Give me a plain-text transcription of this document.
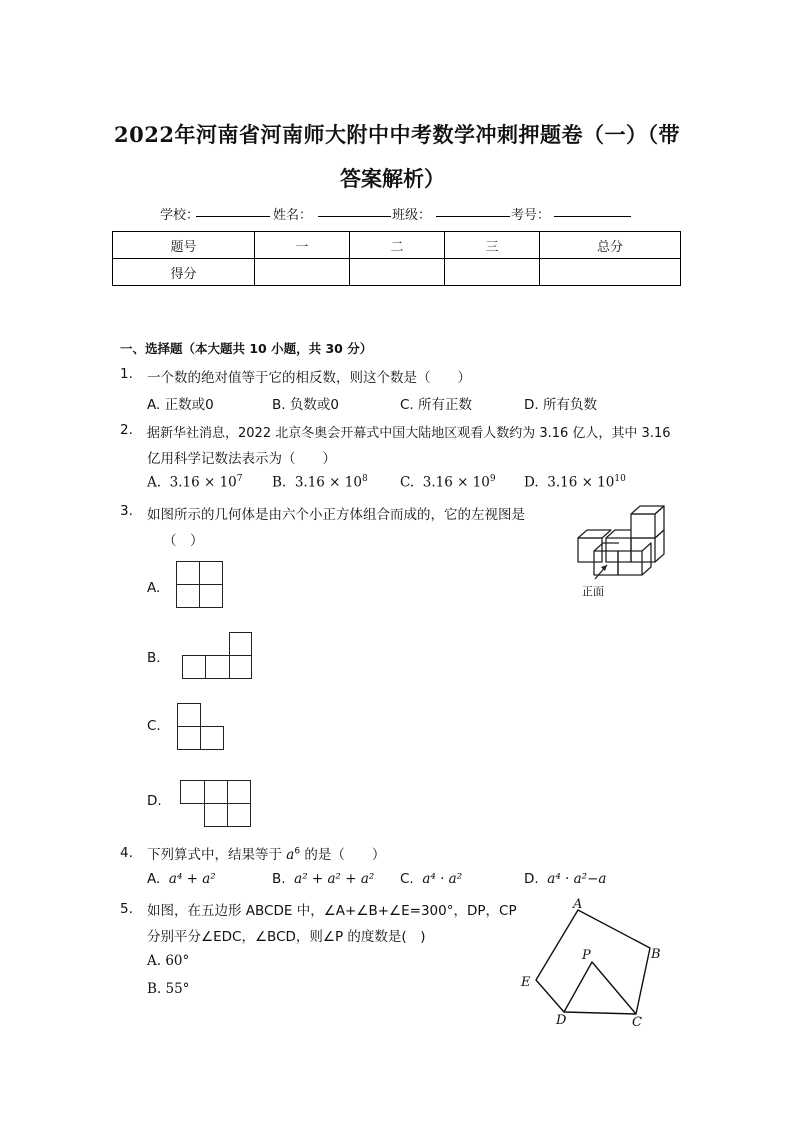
2022年河南省河南师大附中中考数学冲刺押题卷（一）（带
答案解析）
学校：	姓名：	班级：	考号：
题号	一	二	三	总分
得分				
一、选择题（本大题共 10 小题，共 30 分）
1. 一个数的绝对值等于它的相反数，则这个数是（　　）
A. 正数或0	B. 负数或0	C. 所有正数	D. 所有负数
2. 据新华社消息，2022 北京冬奥会开幕式中国大陆地区观看人数约为 3.16 亿人，其中 3.16
亿用科学记数法表示为（　　）
A. $3.16 \times 10^7$ B. $3.16 \times 10^8$ C. $3.16 \times 10^9$ D. $3.16 \times 10^{10}$
3. 如图所示的几何体是由六个小正方体组合而成的，它的左视图是
（　）
正面
A.
B.
C.
D.
4. 下列算式中，结果等于 $a^6$ 的是（　　）
A. a⁴ + a²	B. a² + a² + a² C. a⁴ · a²	D. a⁴ · a²−a
5. 如图，在五边形 ABCDE 中，∠A+∠B+∠E=300°，DP，CP
分别平分∠EDC，∠BCD，则∠P 的度数是(　)
A. 60°
B. 55°
A
B
C
D
E
P
